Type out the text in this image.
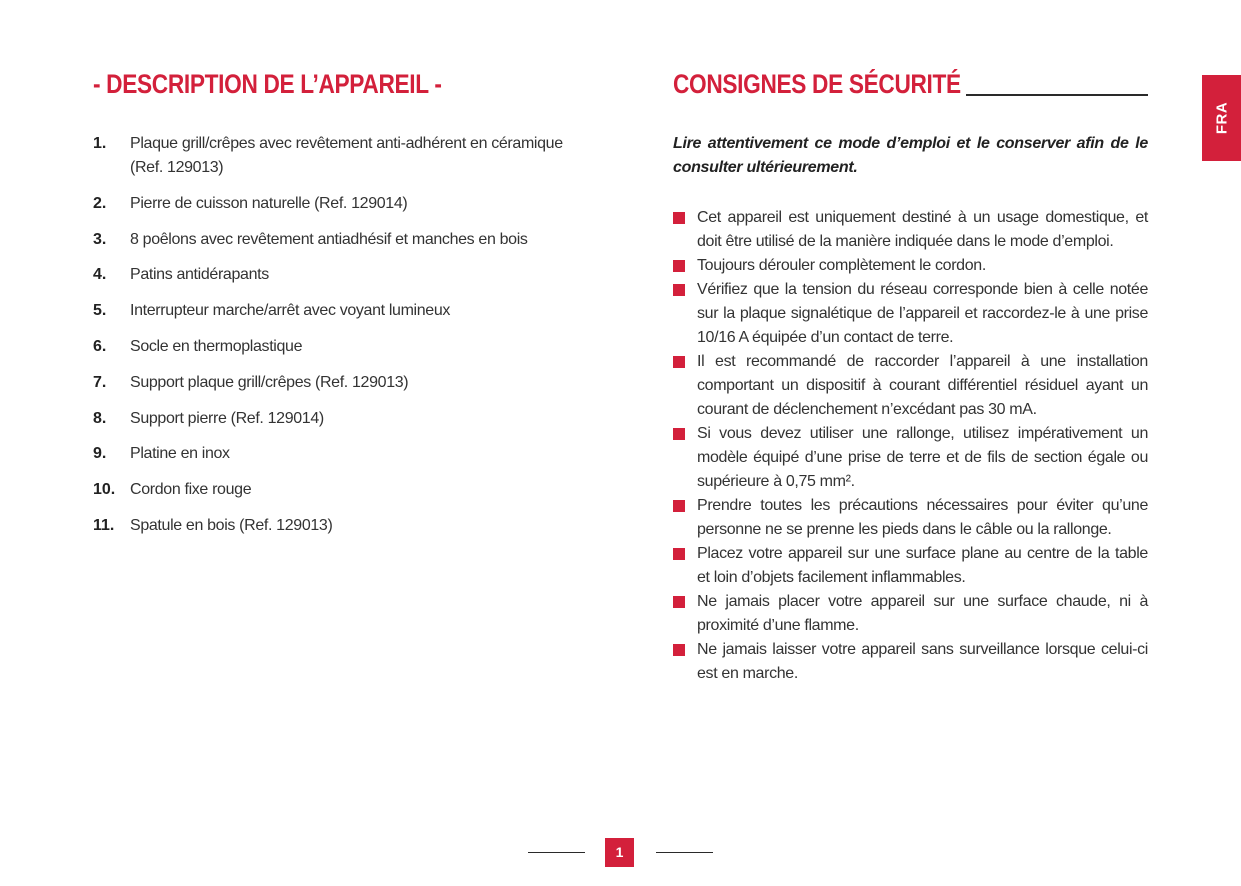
- DESCRIPTION DE L’APPAREIL -
1.	Plaque grill/crêpes avec revêtement anti-adhérent en céramique (Ref. 129013)
2.	Pierre de cuisson naturelle (Ref. 129014)
3.	8 poêlons avec revêtement antiadhésif et manches en bois
4.	Patins antidérapants
5.	Interrupteur marche/arrêt avec voyant lumineux
6.	Socle en thermoplastique
7.	Support plaque grill/crêpes (Ref. 129013)
8.	Support pierre (Ref. 129014)
9.	Platine en inox
10. Cordon fixe rouge
11. Spatule en bois (Ref. 129013)
CONSIGNES DE SÉCURITÉ

Lire attentivement ce mode d’emploi et le conserver afin de le consulter ultérieurement.

Cet appareil est uniquement destiné à un usage domestique, et doit être utilisé de la manière indiquée dans le mode d’emploi.
Toujours dérouler complètement le cordon.
Vérifiez que la tension du réseau corresponde bien à celle notée sur la plaque signalétique de l’appareil et raccordez-le à une prise 10/16 A équipée d’un contact de terre.
Il est recommandé de raccorder l’appareil à une installation comportant un dispositif à courant différentiel résiduel ayant un courant de déclenchement n’excédant pas 30 mA.
Si vous devez utiliser une rallonge, utilisez impérativement un modèle équipé d’une prise de terre et de fils de section égale ou supérieure à 0,75 mm².
Prendre toutes les précautions nécessaires pour éviter qu’une personne ne se prenne les pieds dans le câble ou la rallonge.
Placez votre appareil sur une surface plane au centre de la table et loin d’objets facilement inflammables.
Ne jamais placer votre appareil sur une surface chaude, ni à proximité d’une flamme.
Ne jamais laisser votre appareil sans surveillance lorsque celui-ci est en marche.
FRA
1
